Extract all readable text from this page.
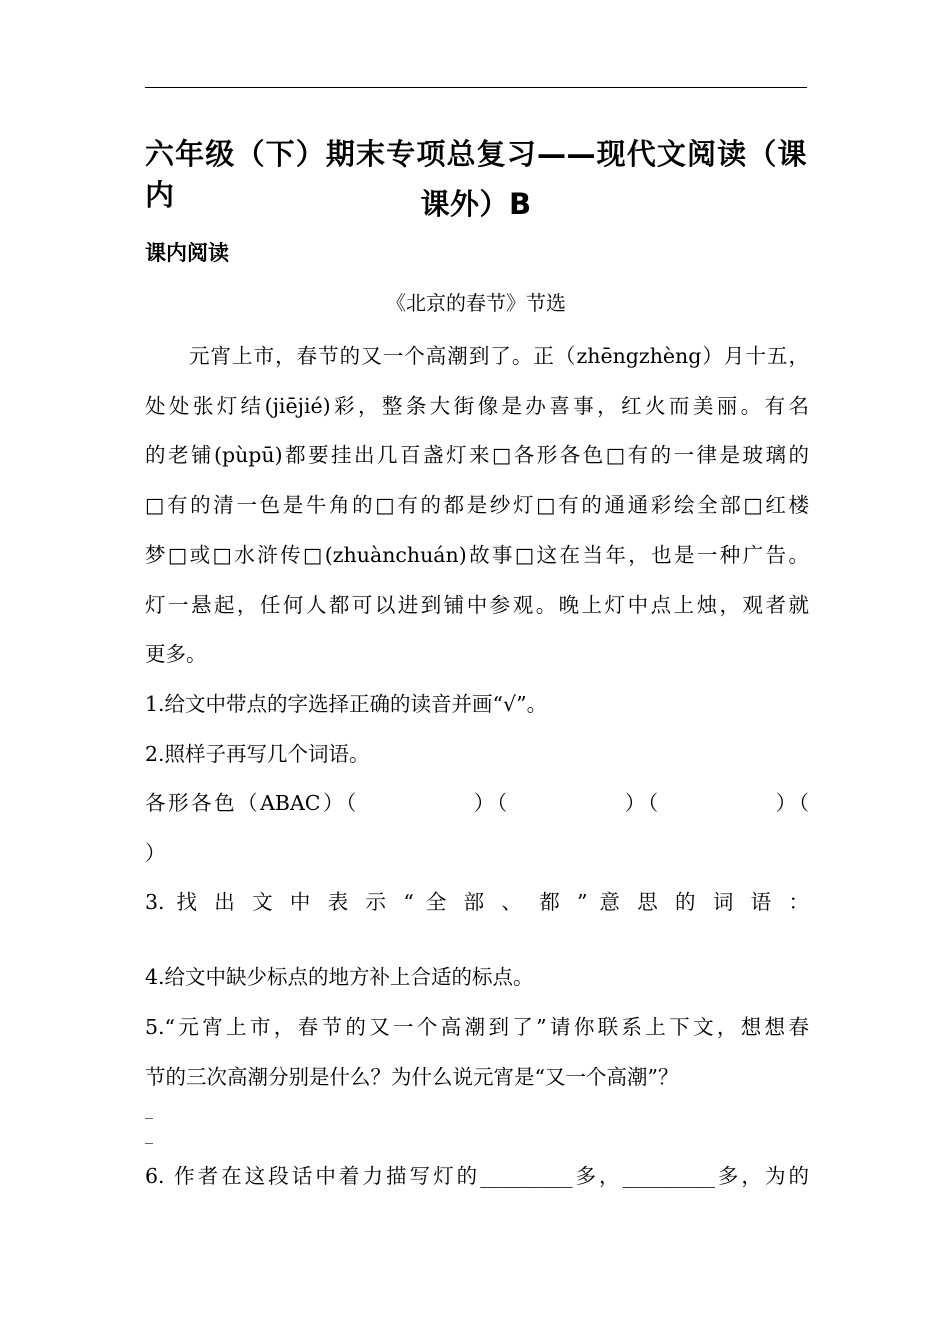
六年级（下）期末专项总复习——现代文阅读（课内	课外）B
课内阅读
《北京的春节》节选
元宵上市，春节的又一个高潮到了。正（zhēngzhèng）月十五，
处处张灯结(jiējié)彩，整条大街像是办喜事，红火而美丽。有名
的老铺(pùpū)都要挂出几百盏灯来□各形各色□有的一律是玻璃的
□有的清一色是牛角的□有的都是纱灯□有的通通彩绘全部□红楼
梦□或□水浒传□(zhuànchuán)故事□这在当年，也是一种广告。
灯一悬起，任何人都可以进到铺中参观。晚上灯中点上烛，观者就
更多。
1.给文中带点的字选择正确的读音并画“√”。
2.照样子再写几个词语。
各形各色（ABAC）（　　　　　）（　　　　　）（　　　　　）（
）
3. 找 出 文 中 表 示 “ 全 部 、 都 ” 意 思 的 词 语 ：
4.给文中缺少标点的地方补上合适的标点。
5.“元宵上市，春节的又一个高潮到了”请你联系上下文，想想春
节的三次高潮分别是什么？为什么说元宵是“又一个高潮”？
_
_
6. 作者在这段话中着力描写灯的_________多，_________多，为的
